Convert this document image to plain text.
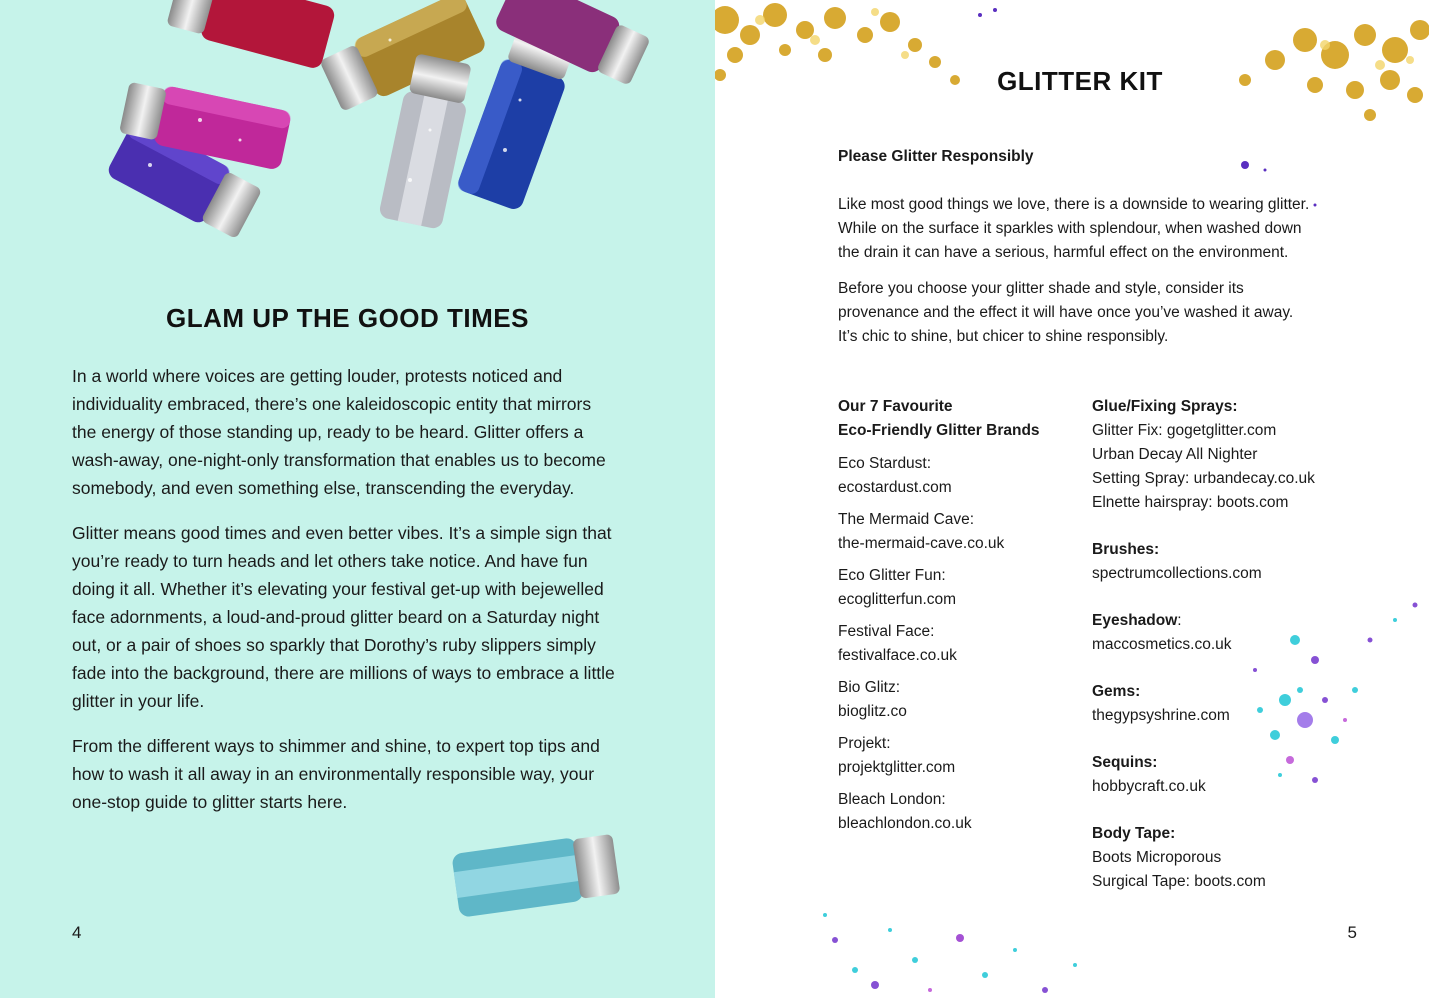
GLAM UP THE GOOD TIMES

In a world where voices are getting louder, protests noticed and
individuality embraced, there’s one kaleidoscopic entity that mirrors
the energy of those standing up, ready to be heard. Glitter offers a
wash-away, one-night-only transformation that enables us to become
somebody, and even something else, transcending the everyday.

Glitter means good times and even better vibes. It’s a simple sign that
you’re ready to turn heads and let others take notice. And have fun
doing it all. Whether it’s elevating your festival get-up with bejewelled
face adornments, a loud-and-proud glitter beard on a Saturday night
out, or a pair of shoes so sparkly that Dorothy’s ruby slippers simply
fade into the background, there are millions of ways to embrace a little
glitter in your life.

From the different ways to shimmer and shine, to expert top tips and
how to wash it all away in an environmentally responsible way, your
one-stop guide to glitter starts here.

4
GLITTER KIT
Please Glitter Responsibly

Like most good things we love, there is a downside to wearing glitter.
While on the surface it sparkles with splendour, when washed down
the drain it can have a serious, harmful effect on the environment.

Before you choose your glitter shade and style, consider its
provenance and the effect it will have once you’ve washed it away.
It’s chic to shine, but chicer to shine responsibly.

Our 7 Favourite
Eco-Friendly Glitter Brands
Eco Stardust:
ecostardust.com
The Mermaid Cave:
the-mermaid-cave.co.uk
Eco Glitter Fun:
ecoglitterfun.com
Festival Face:
festivalface.co.uk
Bio Glitz:
bioglitz.co
Projekt:
projektglitter.com
Bleach London:
bleachlondon.co.uk
Glue/Fixing Sprays:
Glitter Fix: gogetglitter.com
Urban Decay All Nighter
Setting Spray: urbandecay.co.uk
Elnette hairspray: boots.com
Brushes:
spectrumcollections.com
Eyeshadow:
maccosmetics.co.uk
Gems:
thegypsyshrine.com
Sequins:
hobbycraft.co.uk
Body Tape:
Boots Microporous
Surgical Tape: boots.com
5
